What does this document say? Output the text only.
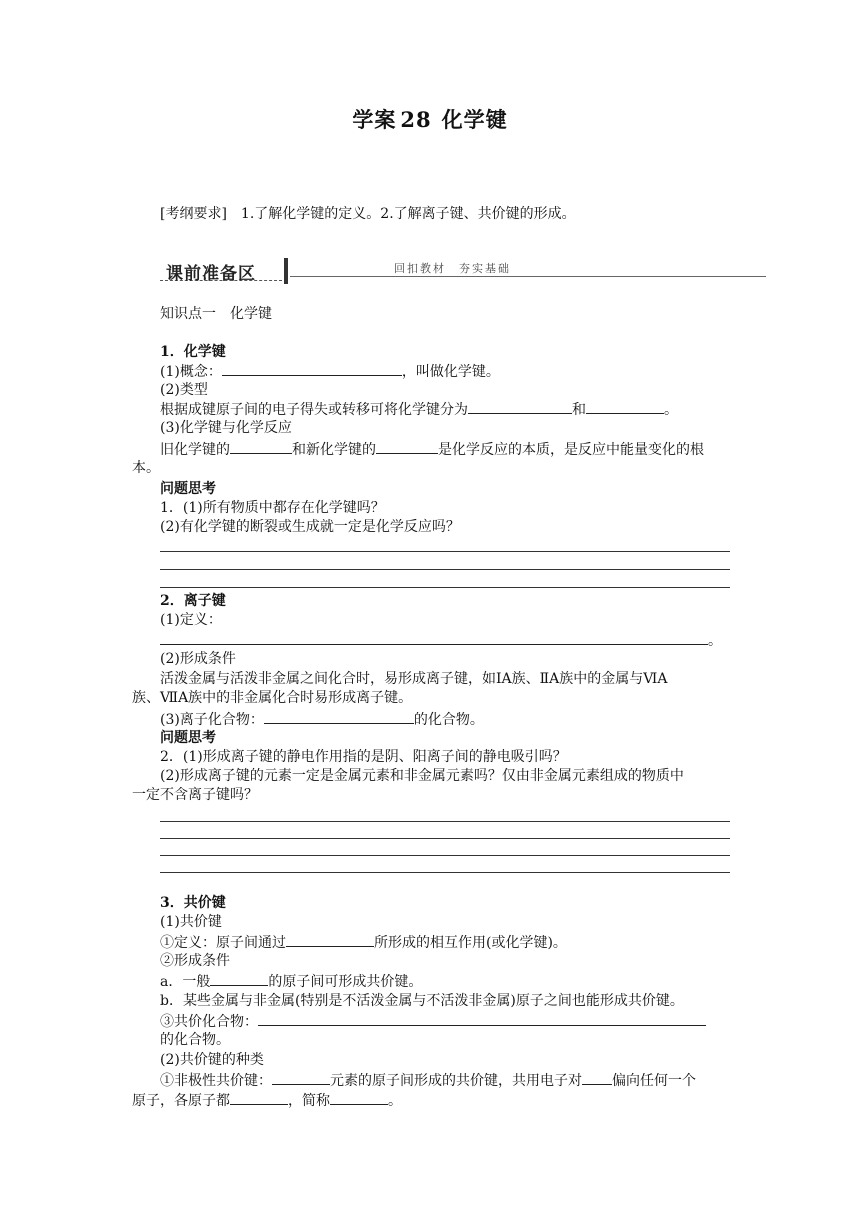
学案 28 化学键
[考纲要求]　1.了解化学键的定义。2.了解离子键、共价键的形成。
课前准备区	回扣教材　夯实基础
知识点一　化学键
1．化学键
(1)概念：	，叫做化学键。
(2)类型
根据成键原子间的电子得失或转移可将化学键分为	和	。
(3)化学键与化学反应
旧化学键的	和新化学键的	是化学反应的本质，是反应中能量变化的根
本。
问题思考
1．(1)所有物质中都存在化学键吗？
(2)有化学键的断裂或生成就一定是化学反应吗？
2．离子键
(1)定义：
。
(2)形成条件
活泼金属与活泼非金属之间化合时，易形成离子键，如ⅠA族、ⅡA族中的金属与ⅥA
族、ⅦA族中的非金属化合时易形成离子键。
(3)离子化合物：	的化合物。
问题思考
2．(1)形成离子键的静电作用指的是阴、阳离子间的静电吸引吗？
(2)形成离子键的元素一定是金属元素和非金属元素吗？仅由非金属元素组成的物质中
一定不含离子键吗？
3．共价键
(1)共价键
①定义：原子间通过	所形成的相互作用(或化学键)。
②形成条件
a．一般	的原子间可形成共价键。
b．某些金属与非金属(特别是不活泼金属与不活泼非金属)原子之间也能形成共价键。
③共价化合物：
的化合物。
(2)共价键的种类
①非极性共价键：	元素的原子间形成的共价键，共用电子对 偏向任何一个
原子，各原子都	，简称	。
